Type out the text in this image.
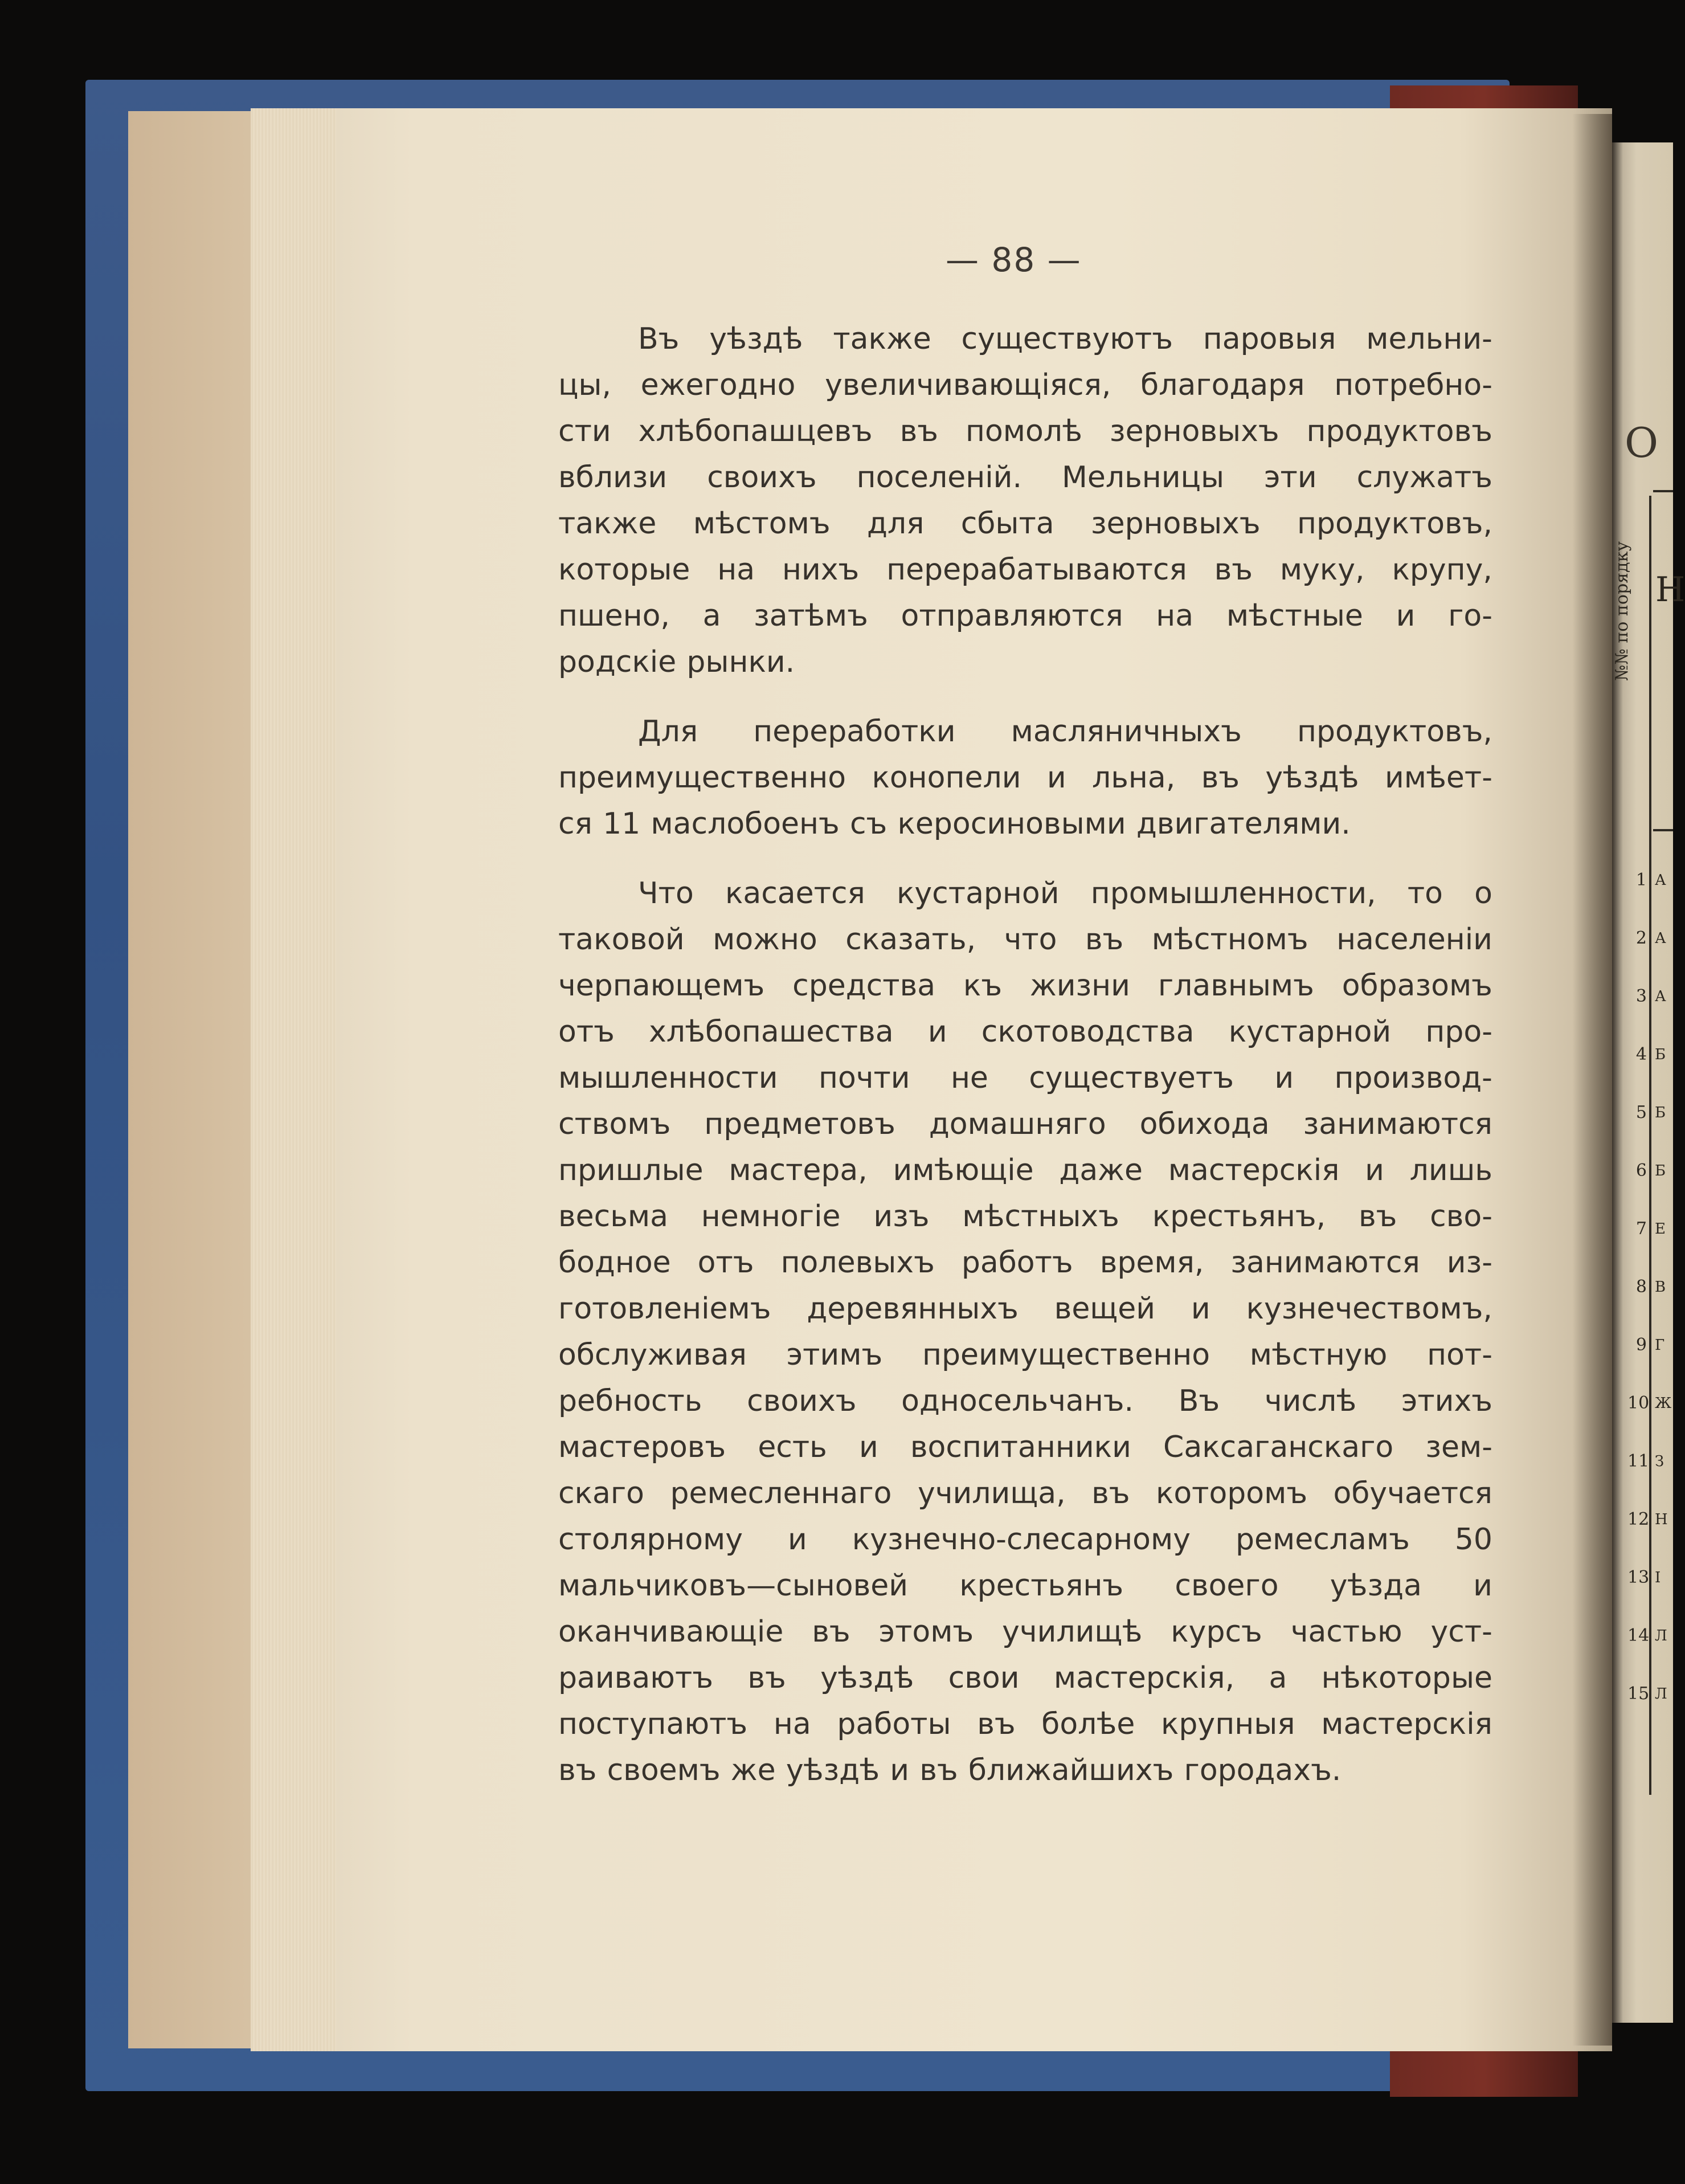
О
Н
№№ по порядку
1 А
2 А
3 А
4 Б
5 Б
6 Б
7 Е
8 В
9 Г
10 Ж
11 З
12 Н
13 І
14 Л
15 Л
— 88 —
Въ уѣздѣ также существуютъ паровыя мельни-
цы, ежегодно увеличивающіяся, благодаря потребно-
сти хлѣбопашцевъ въ помолѣ зерновыхъ продуктовъ
вблизи своихъ поселеній. Мельницы эти служатъ
также мѣстомъ для сбыта зерновыхъ продуктовъ,
которые на нихъ перерабатываются въ муку, крупу,
пшено, а затѣмъ отправляются на мѣстные и го-
родскіе рынки.
Для переработки масляничныхъ продуктовъ,
преимущественно конопели и льна, въ уѣздѣ имѣет-
ся 11 маслобоенъ съ керосиновыми двигателями.
Что касается кустарной промышленности, то о
таковой можно сказать, что въ мѣстномъ населеніи
черпающемъ средства къ жизни главнымъ образомъ
отъ хлѣбопашества и скотоводства кустарной про-
мышленности почти не существуетъ и производ-
ствомъ предметовъ домашняго обихода занимаются
пришлые мастера, имѣющіе даже мастерскія и лишь
весьма немногіе изъ мѣстныхъ крестьянъ, въ сво-
бодное отъ полевыхъ работъ время, занимаются из-
готовленіемъ деревянныхъ вещей и кузнечествомъ,
обслуживая этимъ преимущественно мѣстную пот-
ребность своихъ односельчанъ. Въ числѣ этихъ
мастеровъ есть и воспитанники Саксаганскаго зем-
скаго ремесленнаго училища, въ которомъ обучается
столярному и кузнечно-слесарному ремесламъ 50
мальчиковъ—сыновей крестьянъ своего уѣзда и
оканчивающіе въ этомъ училищѣ курсъ частью уст-
раиваютъ въ уѣздѣ свои мастерскія, а нѣкоторые
поступаютъ на работы въ болѣе крупныя мастерскія
въ своемъ же уѣздѣ и въ ближайшихъ городахъ.
